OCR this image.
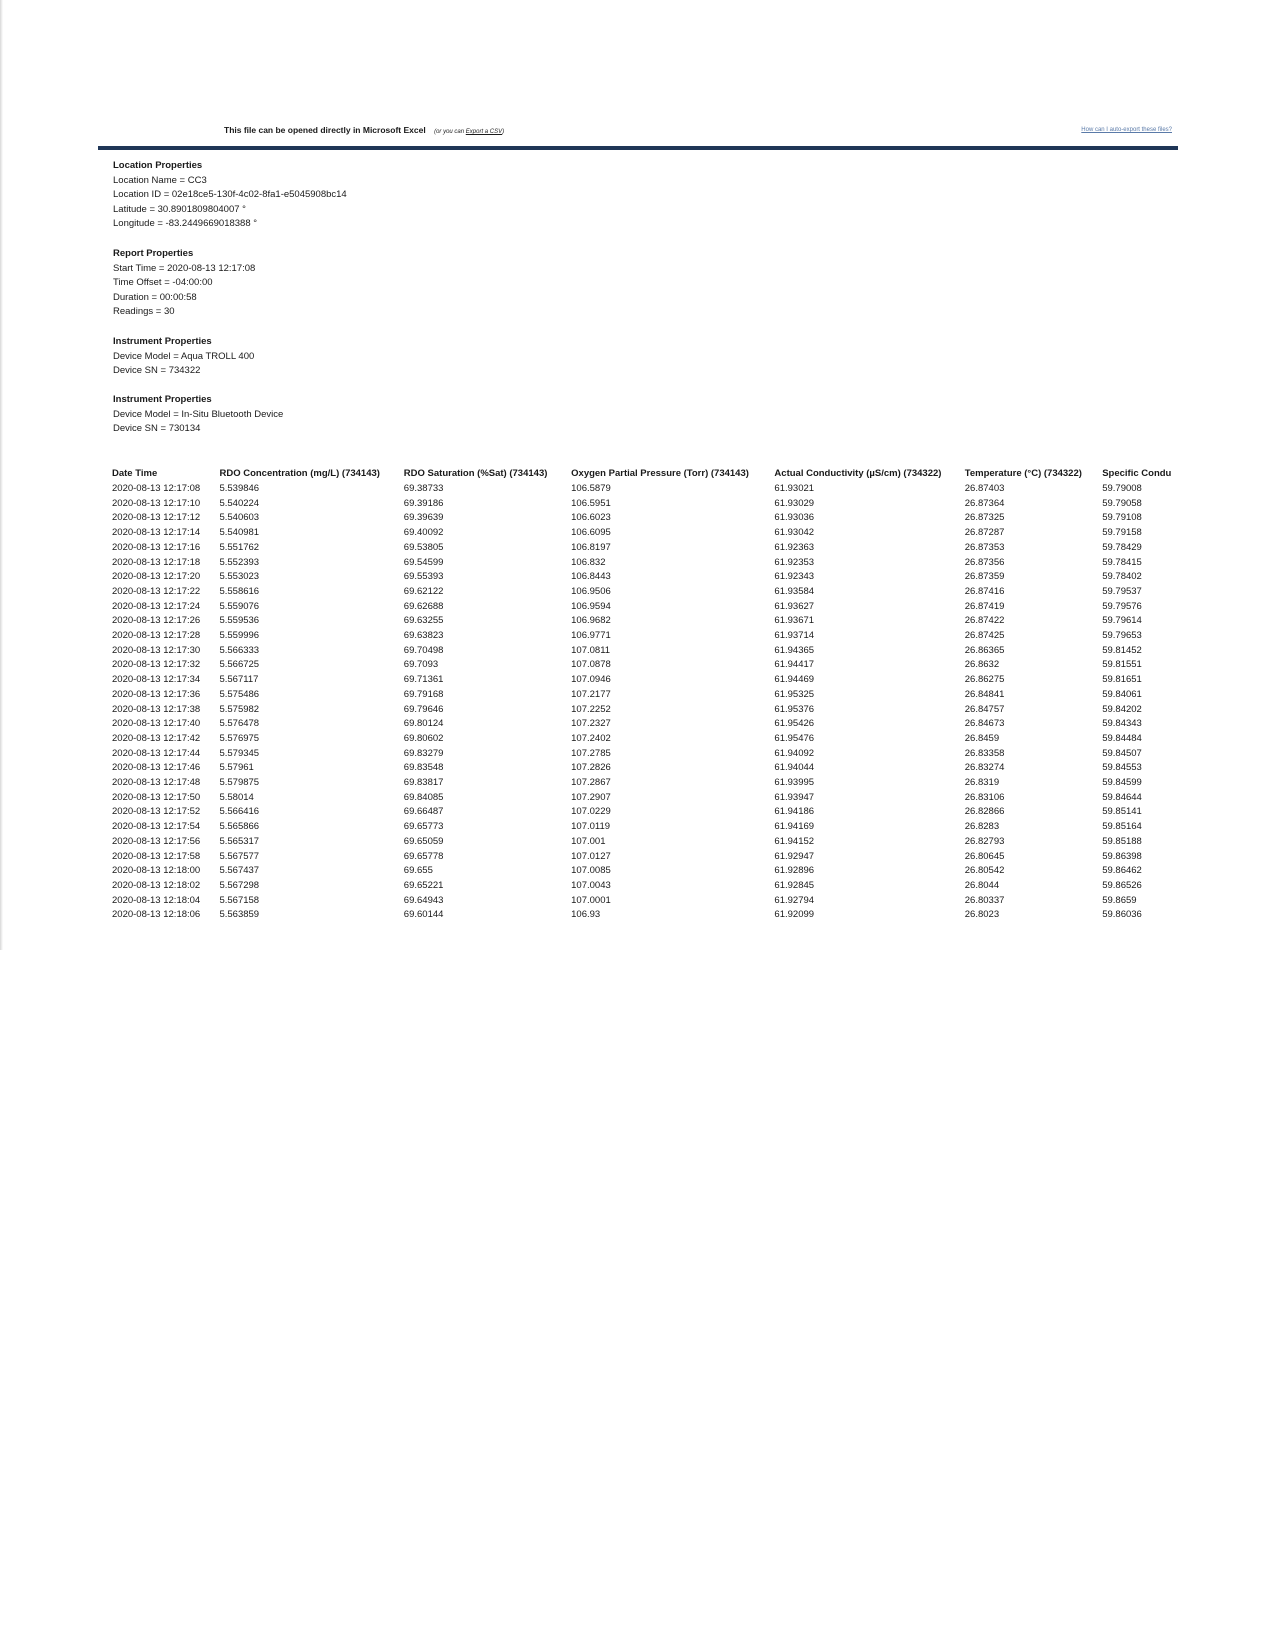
This file can be opened directly in Microsoft Excel (or you can Export a CSV)	How can I auto-export these files?
Location Properties
Location Name = CC3
Location ID = 02e18ce5-130f-4c02-8fa1-e5045908bc14
Latitude = 30.8901809804007 °
Longitude = -83.2449669018388 °
Report Properties
Start Time = 2020-08-13 12:17:08
Time Offset = -04:00:00
Duration = 00:00:58
Readings = 30
Instrument Properties
Device Model = Aqua TROLL 400
Device SN = 734322
Instrument Properties
Device Model = In-Situ Bluetooth Device
Device SN = 730134
Date Time	RDO Concentration (mg/L) (734143)	RDO Saturation (%Sat) (734143)	Oxygen Partial Pressure (Torr) (734143)	Actual Conductivity (µS/cm) (734322)	Temperature (°C) (734322)	Specific Condu
2020-08-13 12:17:08	5.539846	69.38733	106.5879	61.93021	26.87403	59.79008
2020-08-13 12:17:10	5.540224	69.39186	106.5951	61.93029	26.87364	59.79058
2020-08-13 12:17:12	5.540603	69.39639	106.6023	61.93036	26.87325	59.79108
2020-08-13 12:17:14	5.540981	69.40092	106.6095	61.93042	26.87287	59.79158
2020-08-13 12:17:16	5.551762	69.53805	106.8197	61.92363	26.87353	59.78429
2020-08-13 12:17:18	5.552393	69.54599	106.832	61.92353	26.87356	59.78415
2020-08-13 12:17:20	5.553023	69.55393	106.8443	61.92343	26.87359	59.78402
2020-08-13 12:17:22	5.558616	69.62122	106.9506	61.93584	26.87416	59.79537
2020-08-13 12:17:24	5.559076	69.62688	106.9594	61.93627	26.87419	59.79576
2020-08-13 12:17:26	5.559536	69.63255	106.9682	61.93671	26.87422	59.79614
2020-08-13 12:17:28	5.559996	69.63823	106.9771	61.93714	26.87425	59.79653
2020-08-13 12:17:30	5.566333	69.70498	107.0811	61.94365	26.86365	59.81452
2020-08-13 12:17:32	5.566725	69.7093	107.0878	61.94417	26.8632	59.81551
2020-08-13 12:17:34	5.567117	69.71361	107.0946	61.94469	26.86275	59.81651
2020-08-13 12:17:36	5.575486	69.79168	107.2177	61.95325	26.84841	59.84061
2020-08-13 12:17:38	5.575982	69.79646	107.2252	61.95376	26.84757	59.84202
2020-08-13 12:17:40	5.576478	69.80124	107.2327	61.95426	26.84673	59.84343
2020-08-13 12:17:42	5.576975	69.80602	107.2402	61.95476	26.8459	59.84484
2020-08-13 12:17:44	5.579345	69.83279	107.2785	61.94092	26.83358	59.84507
2020-08-13 12:17:46	5.57961	69.83548	107.2826	61.94044	26.83274	59.84553
2020-08-13 12:17:48	5.579875	69.83817	107.2867	61.93995	26.8319	59.84599
2020-08-13 12:17:50	5.58014	69.84085	107.2907	61.93947	26.83106	59.84644
2020-08-13 12:17:52	5.566416	69.66487	107.0229	61.94186	26.82866	59.85141
2020-08-13 12:17:54	5.565866	69.65773	107.0119	61.94169	26.8283	59.85164
2020-08-13 12:17:56	5.565317	69.65059	107.001	61.94152	26.82793	59.85188
2020-08-13 12:17:58	5.567577	69.65778	107.0127	61.92947	26.80645	59.86398
2020-08-13 12:18:00	5.567437	69.655	107.0085	61.92896	26.80542	59.86462
2020-08-13 12:18:02	5.567298	69.65221	107.0043	61.92845	26.8044	59.86526
2020-08-13 12:18:04	5.567158	69.64943	107.0001	61.92794	26.80337	59.8659
2020-08-13 12:18:06	5.563859	69.60144	106.93	61.92099	26.8023	59.86036
